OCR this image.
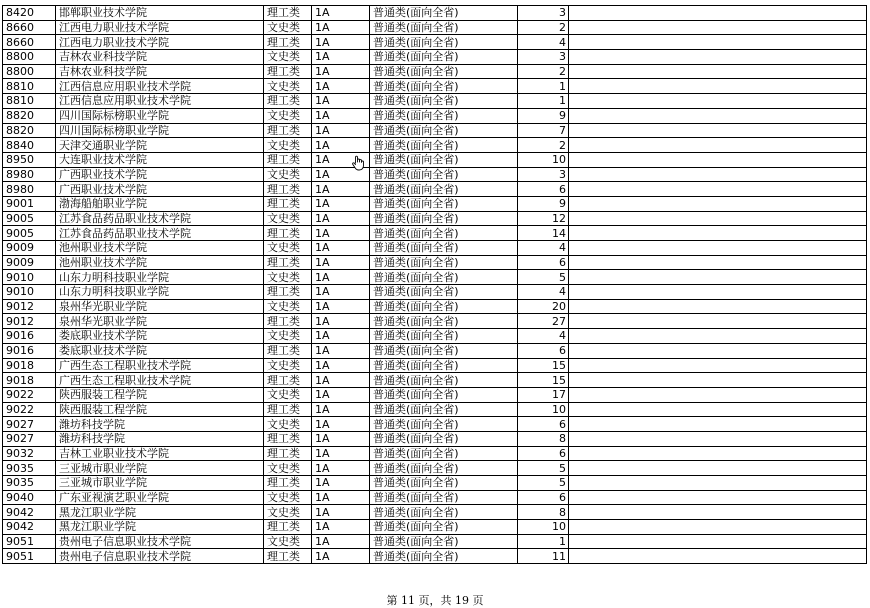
8420	邯郸职业技术学院	理工类	1A	普通类(面向全省)	3	
8660	江西电力职业技术学院	文史类	1A	普通类(面向全省)	2	
8660	江西电力职业技术学院	理工类	1A	普通类(面向全省)	4	
8800	吉林农业科技学院	文史类	1A	普通类(面向全省)	3	
8800	吉林农业科技学院	理工类	1A	普通类(面向全省)	2	
8810	江西信息应用职业技术学院	文史类	1A	普通类(面向全省)	1	
8810	江西信息应用职业技术学院	理工类	1A	普通类(面向全省)	1	
8820	四川国际标榜职业学院	文史类	1A	普通类(面向全省)	9	
8820	四川国际标榜职业学院	理工类	1A	普通类(面向全省)	7	
8840	天津交通职业学院	文史类	1A	普通类(面向全省)	2	
8950	大连职业技术学院	理工类	1A	普通类(面向全省)	10	
8980	广西职业技术学院	文史类	1A	普通类(面向全省)	3	
8980	广西职业技术学院	理工类	1A	普通类(面向全省)	6	
9001	渤海船舶职业学院	理工类	1A	普通类(面向全省)	9	
9005	江苏食品药品职业技术学院	文史类	1A	普通类(面向全省)	12	
9005	江苏食品药品职业技术学院	理工类	1A	普通类(面向全省)	14	
9009	池州职业技术学院	文史类	1A	普通类(面向全省)	4	
9009	池州职业技术学院	理工类	1A	普通类(面向全省)	6	
9010	山东力明科技职业学院	文史类	1A	普通类(面向全省)	5	
9010	山东力明科技职业学院	理工类	1A	普通类(面向全省)	4	
9012	泉州华光职业学院	文史类	1A	普通类(面向全省)	20	
9012	泉州华光职业学院	理工类	1A	普通类(面向全省)	27	
9016	娄底职业技术学院	文史类	1A	普通类(面向全省)	4	
9016	娄底职业技术学院	理工类	1A	普通类(面向全省)	6	
9018	广西生态工程职业技术学院	文史类	1A	普通类(面向全省)	15	
9018	广西生态工程职业技术学院	理工类	1A	普通类(面向全省)	15	
9022	陕西服装工程学院	文史类	1A	普通类(面向全省)	17	
9022	陕西服装工程学院	理工类	1A	普通类(面向全省)	10	
9027	潍坊科技学院	文史类	1A	普通类(面向全省)	6	
9027	潍坊科技学院	理工类	1A	普通类(面向全省)	8	
9032	吉林工业职业技术学院	理工类	1A	普通类(面向全省)	6	
9035	三亚城市职业学院	文史类	1A	普通类(面向全省)	5	
9035	三亚城市职业学院	理工类	1A	普通类(面向全省)	5	
9040	广东亚视演艺职业学院	文史类	1A	普通类(面向全省)	6	
9042	黑龙江职业学院	文史类	1A	普通类(面向全省)	8	
9042	黑龙江职业学院	理工类	1A	普通类(面向全省)	10	
9051	贵州电子信息职业技术学院	文史类	1A	普通类(面向全省)	1	
9051	贵州电子信息职业技术学院	理工类	1A	普通类(面向全省)	11	
第 11 页，共 19 页
